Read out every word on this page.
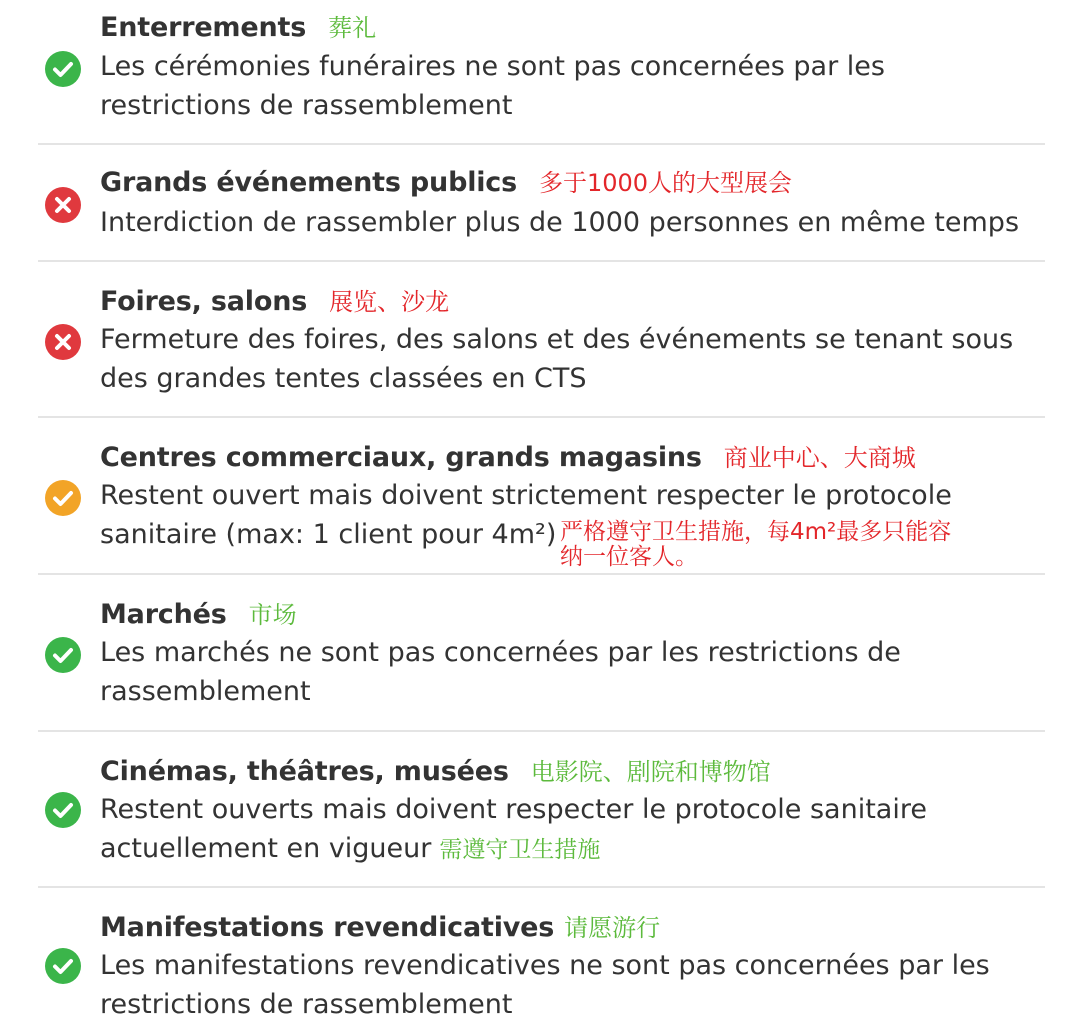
Enterrements 葬礼
Les cérémonies funéraires ne sont pas concernées par les
restrictions de rassemblement
Grands événements publics 多于1000人的大型展会
Interdiction de rassembler plus de 1000 personnes en même temps
Foires, salons 展览、沙龙
Fermeture des foires, des salons et des événements se tenant sous
des grandes tentes classées en CTS
Centres commerciaux, grands magasins 商业中心、大商城
Restent ouvert mais doivent strictement respecter le protocole
sanitaire (max: 1 client pour 4m²) 严格遵守卫生措施，每4m²最多只能容
纳一位客人。
Marchés 市场
Les marchés ne sont pas concernées par les restrictions de
rassemblement
Cinémas, théâtres, musées 电影院、剧院和博物馆
Restent ouverts mais doivent respecter le protocole sanitaire
actuellement en vigueur 需遵守卫生措施
Manifestations revendicatives 请愿游行
Les manifestations revendicatives ne sont pas concernées par les
restrictions de rassemblement
